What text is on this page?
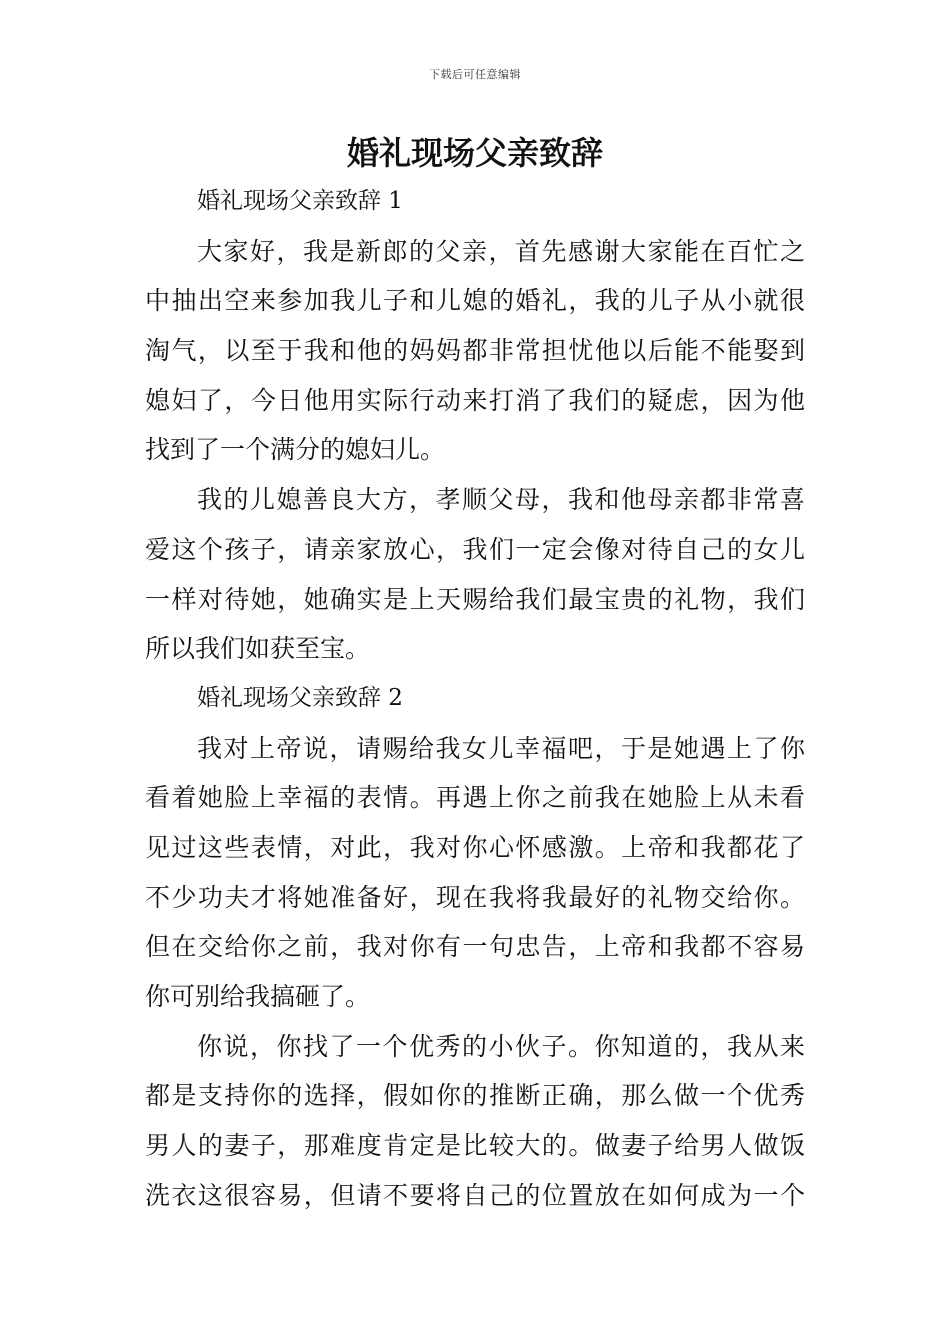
下载后可任意编辑
婚礼现场父亲致辞
婚礼现场父亲致辞 1
大家好，我是新郎的父亲，首先感谢大家能在百忙之
中抽出空来参加我儿子和儿媳的婚礼，我的儿子从小就很
淘气，以至于我和他的妈妈都非常担忧他以后能不能娶到
媳妇了，今日他用实际行动来打消了我们的疑虑，因为他
找到了一个满分的媳妇儿。
我的儿媳善良大方，孝顺父母，我和他母亲都非常喜
爱这个孩子，请亲家放心，我们一定会像对待自己的女儿
一样对待她，她确实是上天赐给我们最宝贵的礼物，我们
所以我们如获至宝。
婚礼现场父亲致辞 2
我对上帝说，请赐给我女儿幸福吧，于是她遇上了你
看着她脸上幸福的表情。再遇上你之前我在她脸上从未看
见过这些表情，对此，我对你心怀感激。上帝和我都花了
不少功夫才将她准备好，现在我将我最好的礼物交给你。
但在交给你之前，我对你有一句忠告，上帝和我都不容易
你可别给我搞砸了。
你说，你找了一个优秀的小伙子。你知道的，我从来
都是支持你的选择，假如你的推断正确，那么做一个优秀
男人的妻子，那难度肯定是比较大的。做妻子给男人做饭
洗衣这很容易，但请不要将自己的位置放在如何成为一个
